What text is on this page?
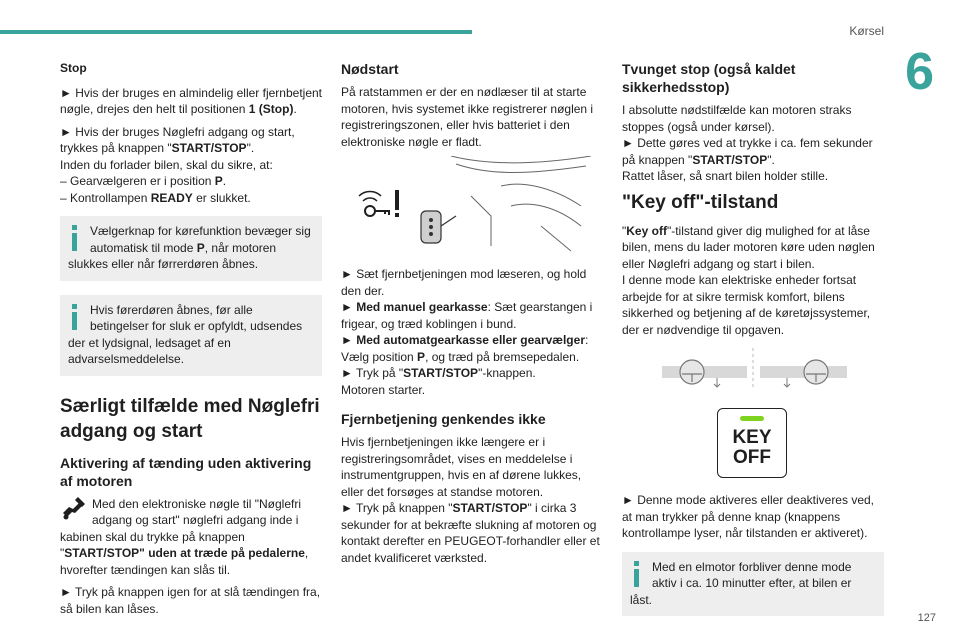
Kørsel
6
127
Stop

► Hvis der bruges en almindelig eller fjernbetjent nøgle, drejes den helt til positionen 1 (Stop).

► Hvis der bruges Nøglefri adgang og start, trykkes på knappen "START/STOP".

Inden du forlader bilen, skal du sikre, at:

– Gearvælgeren er i position P.

– Kontrollampen READY er slukket.

Vælgerknap for kørefunktion bevæger sig automatisk til mode P, når motoren slukkes eller når førrerdøren åbnes.
Hvis førerdøren åbnes, før alle betingelser for sluk er opfyldt, udsendes der et lydsignal, ledsaget af en advarselsmeddelelse.
Særligt tilfælde med Nøglefri adgang og start
Aktivering af tænding uden aktivering af motoren

Med den elektroniske nøgle til "Nøglefri adgang og start" nøglefri adgang inde i kabinen skal du trykke på knappen "START/STOP" uden at træde på pedalerne, hvorefter tændingen kan slås til.

► Tryk på knappen igen for at slå tændingen fra, så bilen kan låses.

Nødstart

På ratstammen er der en nødlæser til at starte motoren, hvis systemet ikke registrerer nøglen i registreringszonen, eller hvis batteriet i den elektroniske nøgle er fladt.

► Sæt fjernbetjeningen mod læseren, og hold den der.

► Med manuel gearkasse: Sæt gearstangen i frigear, og træd koblingen i bund.

► Med automatgearkasse eller gearvælger: Vælg position P, og træd på bremsepedalen.

► Tryk på "START/STOP"-knappen.

Motoren starter.

Fjernbetjening genkendes ikke

Hvis fjernbetjeningen ikke længere er i registreringsområdet, vises en meddelelse i instrumentgruppen, hvis en af dørene lukkes, eller det forsøges at standse motoren.

► Tryk på knappen "START/STOP" i cirka 3 sekunder for at bekræfte slukning af motoren og kontakt derefter en PEUGEOT-forhandler eller et andet kvalificeret værksted.

Tvunget stop (også kaldet sikkerhedsstop)

I absolutte nødstilfælde kan motoren straks stoppes (også under kørsel).

► Dette gøres ved at trykke i ca. fem sekunder på knappen "START/STOP".

Rattet låser, så snart bilen holder stille.

"Key off"-tilstand

"Key off"-tilstand giver dig mulighed for at låse bilen, mens du lader motoren køre uden nøglen eller Nøglefri adgang og start i bilen.

I denne mode kan elektriske enheder fortsat arbejde for at sikre termisk komfort, bilens sikkerhed og betjening af de køretøjssystemer, der er nødvendige til opgaven.

KEY
OFF

► Denne mode aktiveres eller deaktiveres ved, at man trykker på denne knap (knappens kontrollampe lyser, når tilstanden er aktiveret).

Med en elmotor forbliver denne mode aktiv i ca. 10 minutter efter, at bilen er låst.
